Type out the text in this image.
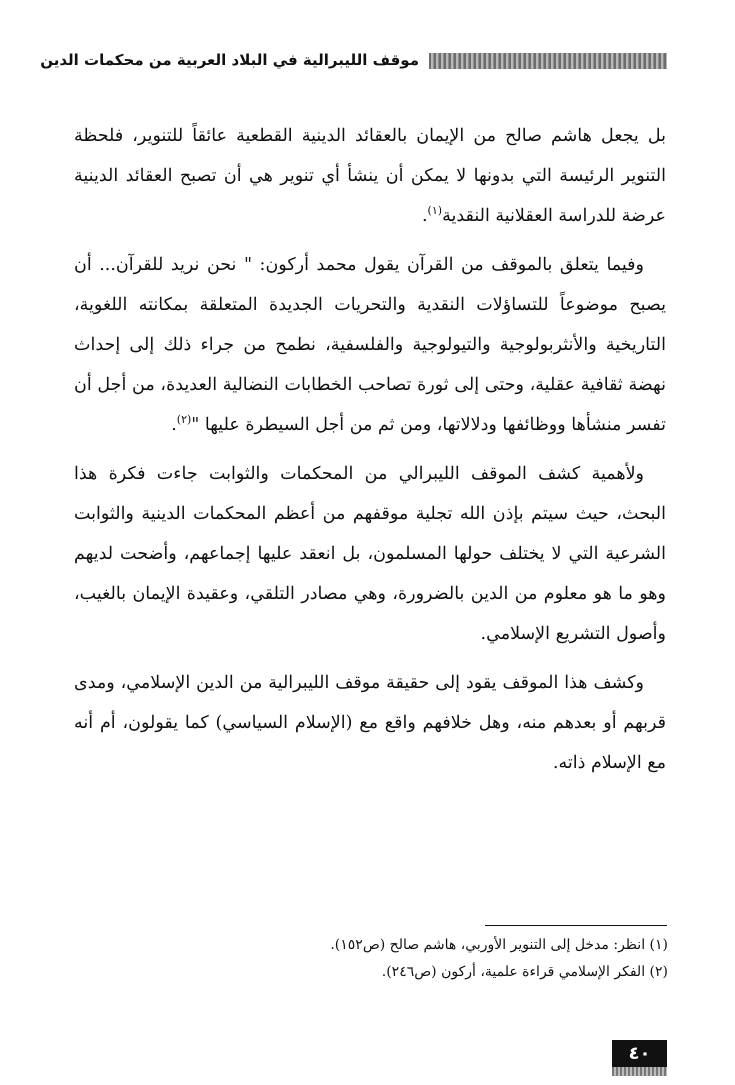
موقف الليبرالية في البلاد العربية من محكمات الدين

بل يجعل هاشم صالح من الإيمان بالعقائد الدينية القطعية عائقاً للتنوير، فلحظة التنوير الرئيسة التي بدونها لا يمكن أن ينشأ أي تنوير هي أن تصبح العقائد الدينية عرضة للدراسة العقلانية النقدية$^{(١)}$.

وفيما يتعلق بالموقف من القرآن يقول محمد أركون: " نحن نريد للقرآن... أن يصبح موضوعاً للتساؤلات النقدية والتحريات الجديدة المتعلقة بمكانته اللغوية، التاريخية والأنثربولوجية والتيولوجية والفلسفية، نطمح من جراء ذلك إلى إحداث نهضة ثقافية عقلية، وحتى إلى ثورة تصاحب الخطابات النضالية العديدة، من أجل أن تفسر منشأها ووظائفها ودلالاتها، ومن ثم من أجل السيطرة عليها "$^{(٢)}$.

ولأهمية كشف الموقف الليبرالي من المحكمات والثوابت جاءت فكرة هذا البحث، حيث سيتم بإذن الله تجلية موقفهم من أعظم المحكمات الدينية والثوابت الشرعية التي لا يختلف حولها المسلمون، بل انعقد عليها إجماعهم، وأضحت لديهم وهو ما هو معلوم من الدين بالضرورة، وهي مصادر التلقي، وعقيدة الإيمان بالغيب، وأصول التشريع الإسلامي.

وكشف هذا الموقف يقود إلى حقيقة موقف الليبرالية من الدين الإسلامي، ومدى قربهم أو بعدهم منه، وهل خلافهم واقع مع (الإسلام السياسي) كما يقولون، أم أنه مع الإسلام ذاته.

(١) انظر: مدخل إلى التنوير الأوربي، هاشم صالح (ص١٥٢).

(٢) الفكر الإسلامي قراءة علمية، أركون (ص٢٤٦).

٤٠
